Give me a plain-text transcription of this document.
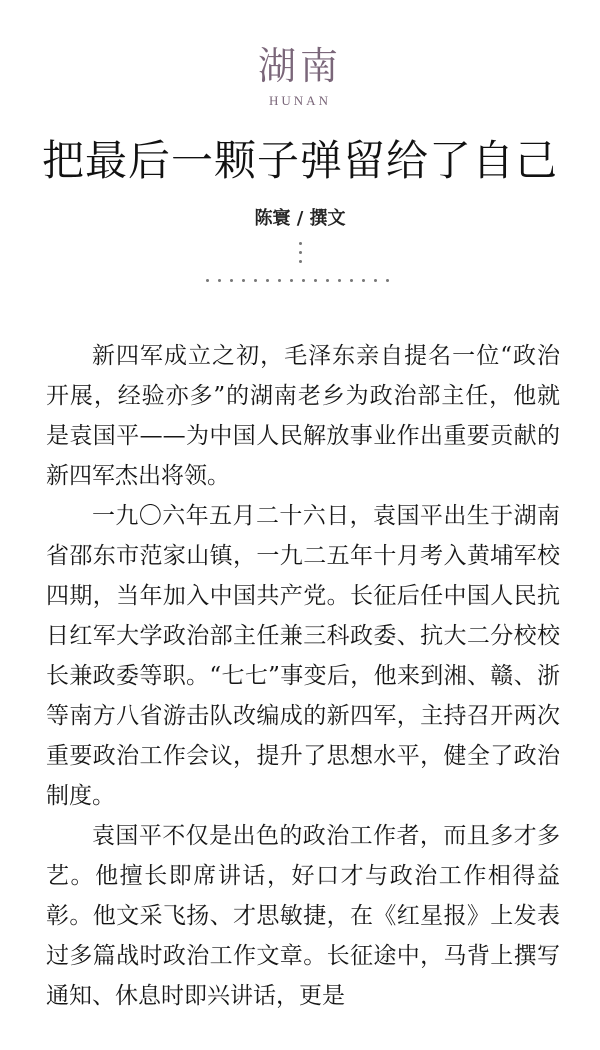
湖南
HUNAN
把最后一颗子弹留给了自己
陈寰 / 撰文

新四军成立之初，毛泽东亲自提名一位“政治开展，经验亦多”的湖南老乡为政治部主任，他就是袁国平——为中国人民解放事业作出重要贡献的新四军杰出将领。

一九〇六年五月二十六日，袁国平出生于湖南省邵东市范家山镇，一九二五年十月考入黄埔军校四期，当年加入中国共产党。长征后任中国人民抗日红军大学政治部主任兼三科政委、抗大二分校校长兼政委等职。“七七”事变后，他来到湘、赣、浙等南方八省游击队改编成的新四军，主持召开两次重要政治工作会议，提升了思想水平，健全了政治制度。

袁国平不仅是出色的政治工作者，而且多才多艺。他擅长即席讲话，好口才与政治工作相得益彰。他文采飞扬、才思敏捷，在《红星报》上发表过多篇战时政治工作文章。长征途中，马背上撰写通知、休息时即兴讲话，更是
